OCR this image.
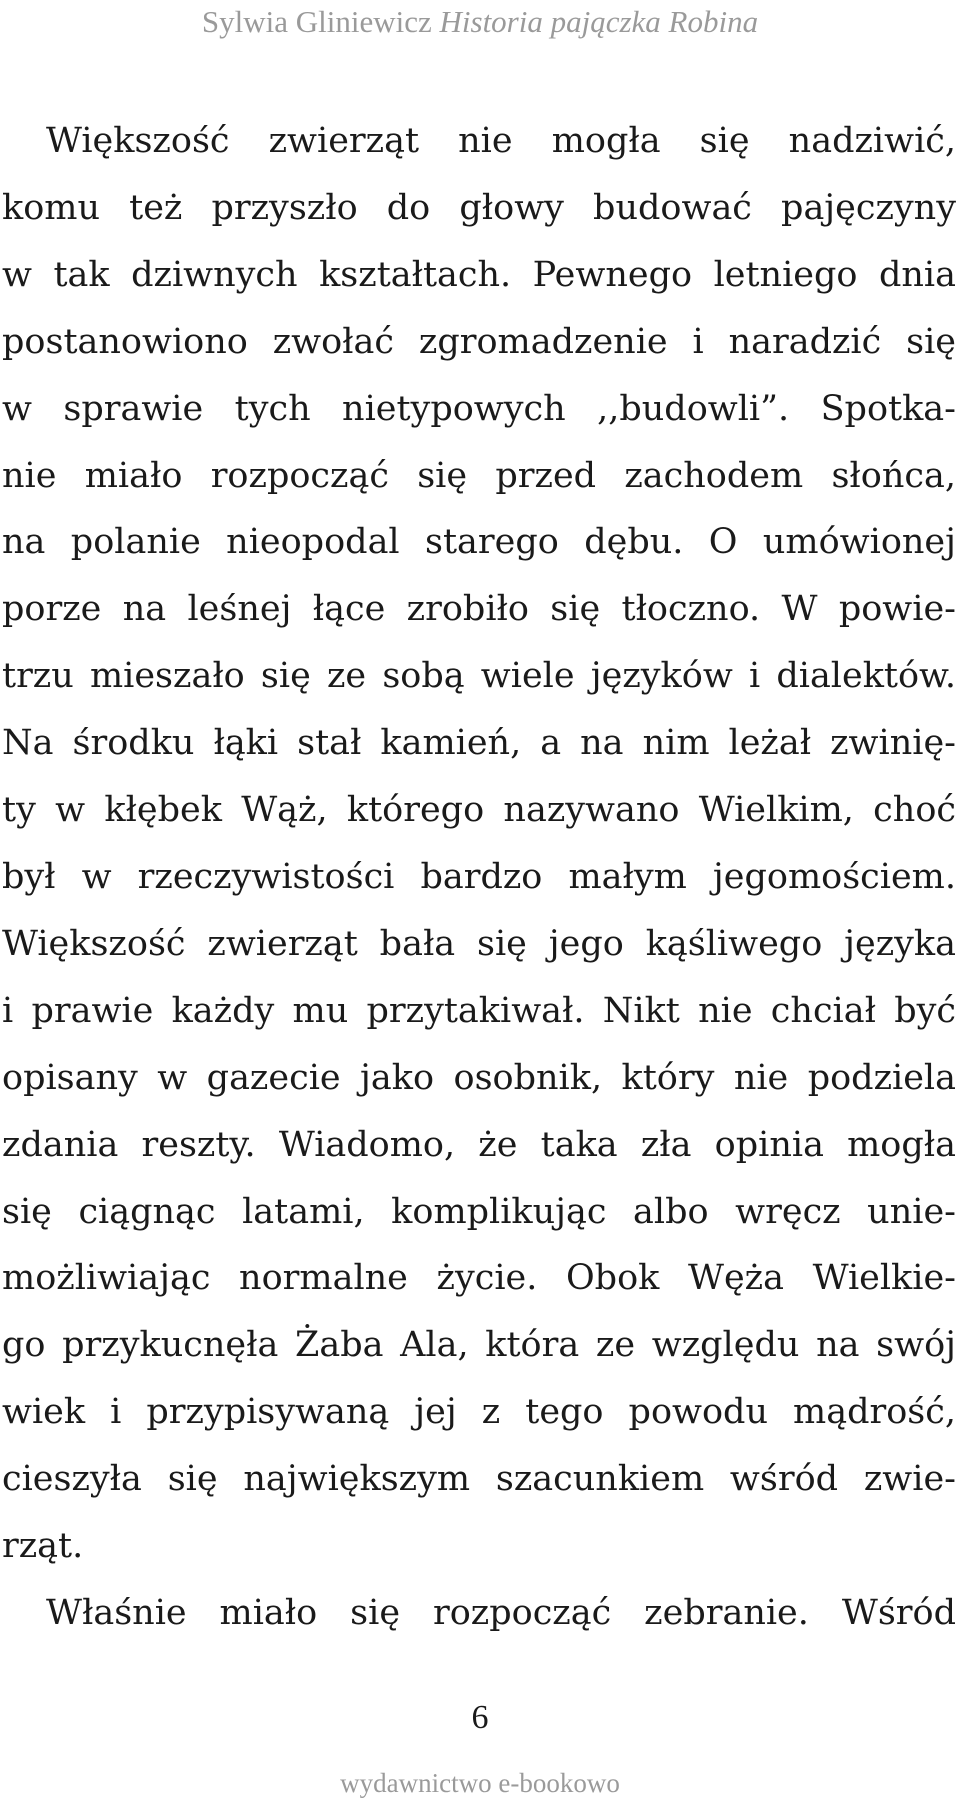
Sylwia Gliniewicz Historia pajączka Robina
Większość zwierząt nie mogła się nadziwić,
komu też przyszło do głowy budować pajęczyny
w tak dziwnych kształtach. Pewnego letniego dnia
postanowiono zwołać zgromadzenie i naradzić się
w sprawie tych nietypowych ,,budowli”. Spotka-
nie miało rozpocząć się przed zachodem słońca,
na polanie nieopodal starego dębu. O umówionej
porze na leśnej łące zrobiło się tłoczno. W powie-
trzu mieszało się ze sobą wiele języków i dialektów.
Na środku łąki stał kamień, a na nim leżał zwinię-
ty w kłębek Wąż, którego nazywano Wielkim, choć
był w rzeczywistości bardzo małym jegomościem.
Większość zwierząt bała się jego kąśliwego języka
i prawie każdy mu przytakiwał. Nikt nie chciał być
opisany w gazecie jako osobnik, który nie podziela
zdania reszty. Wiadomo, że taka zła opinia mogła
się ciągnąc latami, komplikując albo wręcz unie-
możliwiając normalne życie. Obok Węża Wielkie-
go przykucnęła Żaba Ala, która ze względu na swój
wiek i przypisywaną jej z tego powodu mądrość,
cieszyła się największym szacunkiem wśród zwie-
rząt.
Właśnie miało się rozpocząć zebranie. Wśród
6
wydawnictwo e-bookowo
